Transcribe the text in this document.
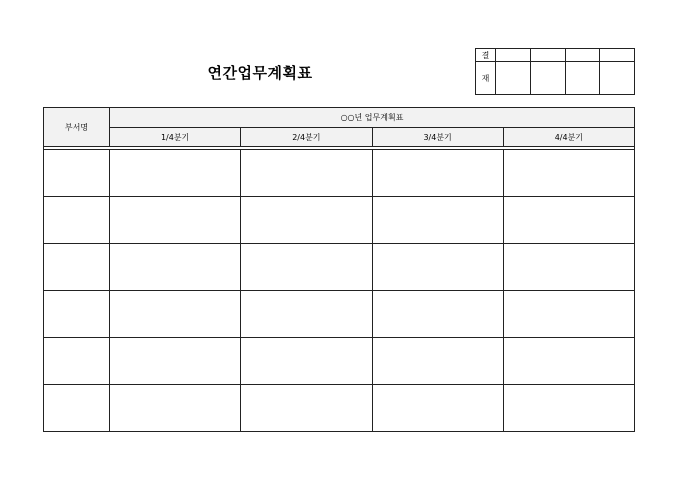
연간업무계획표
결				
재				
부서명	○○년 업무계획표			
	1/4분기	2/4분기	3/4분기	4/4분기
